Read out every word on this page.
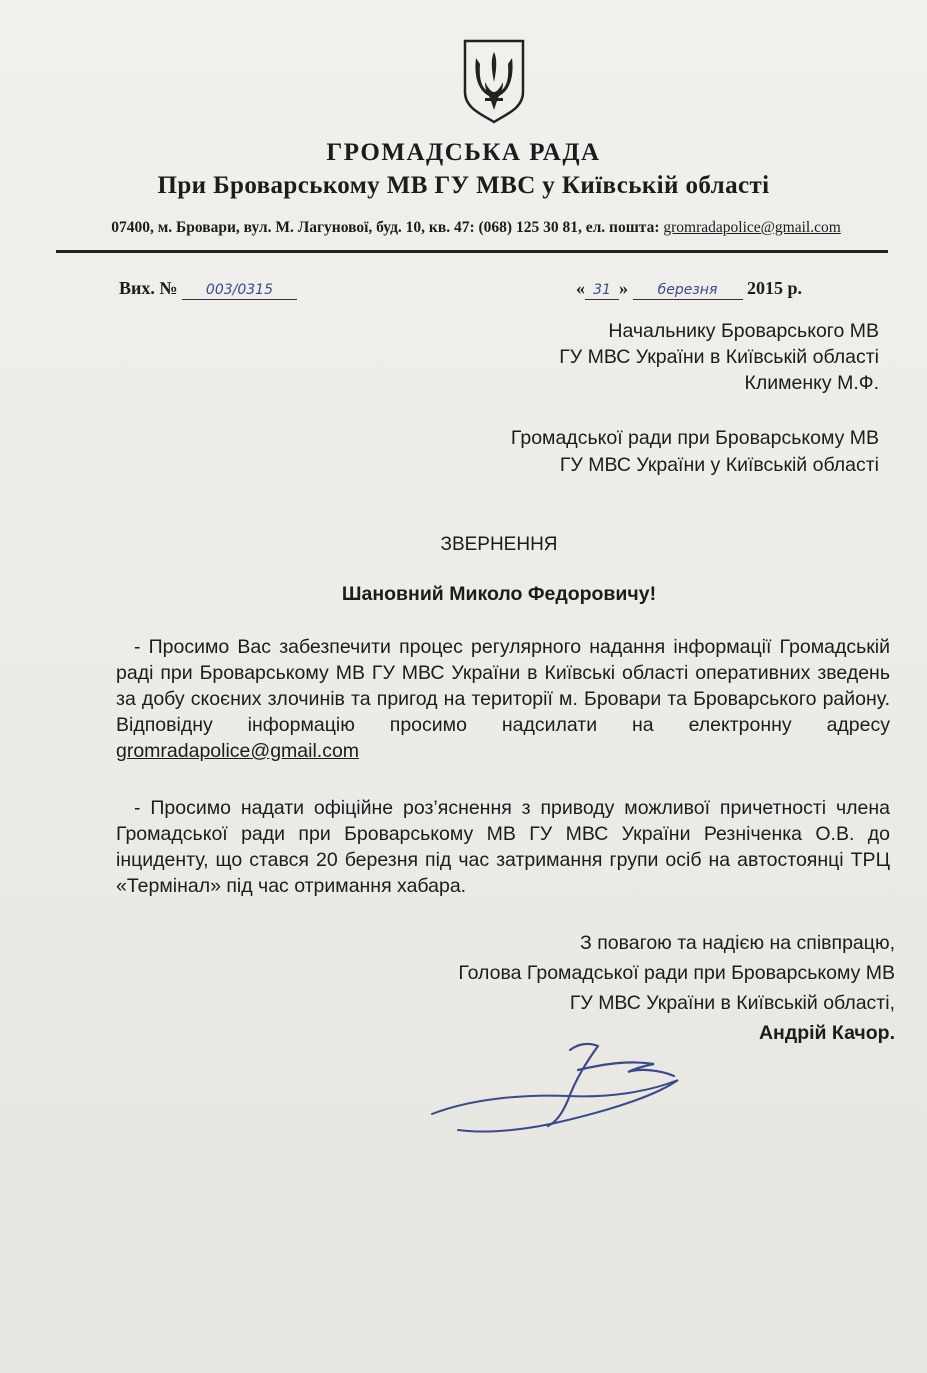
ГРОМАДСЬКА РАДА
При Броварському МВ ГУ МВС у Київській області
07400, м. Бровари, вул. М. Лагунової, буд. 10, кв. 47: (068) 125 30 81, ел. пошта: gromradapolice@gmail.com
Вих. № 003/0315	« 31 » березня 2015 р.
Начальнику Броварського МВ
ГУ МВС України в Київській області
Клименку М.Ф.
Громадської ради при Броварському МВ
ГУ МВС України у Київській області
ЗВЕРНЕННЯ
Шановний Миколо Федоровичу!
- Просимо Вас забезпечити процес регулярного надання інформації Громадській раді при Броварському МВ ГУ МВС України в Київські області оперативних зведень за добу скоєних злочинів та пригод на території м. Бровари та Броварського району. Відповідну інформацію просимо надсилати на електронну адресу gromradapolice@gmail.com
- Просимо надати офіційне роз’яснення з приводу можливої причетності члена Громадської ради при Броварському МВ ГУ МВС України Резніченка О.В. до інциденту, що стався 20 березня під час затримання групи осіб на автостоянці ТРЦ «Термінал» під час отримання хабара.
З повагою та надією на співпрацю,
Голова Громадської ради при Броварському МВ
ГУ МВС України в Київській області,
Андрій Качор.
